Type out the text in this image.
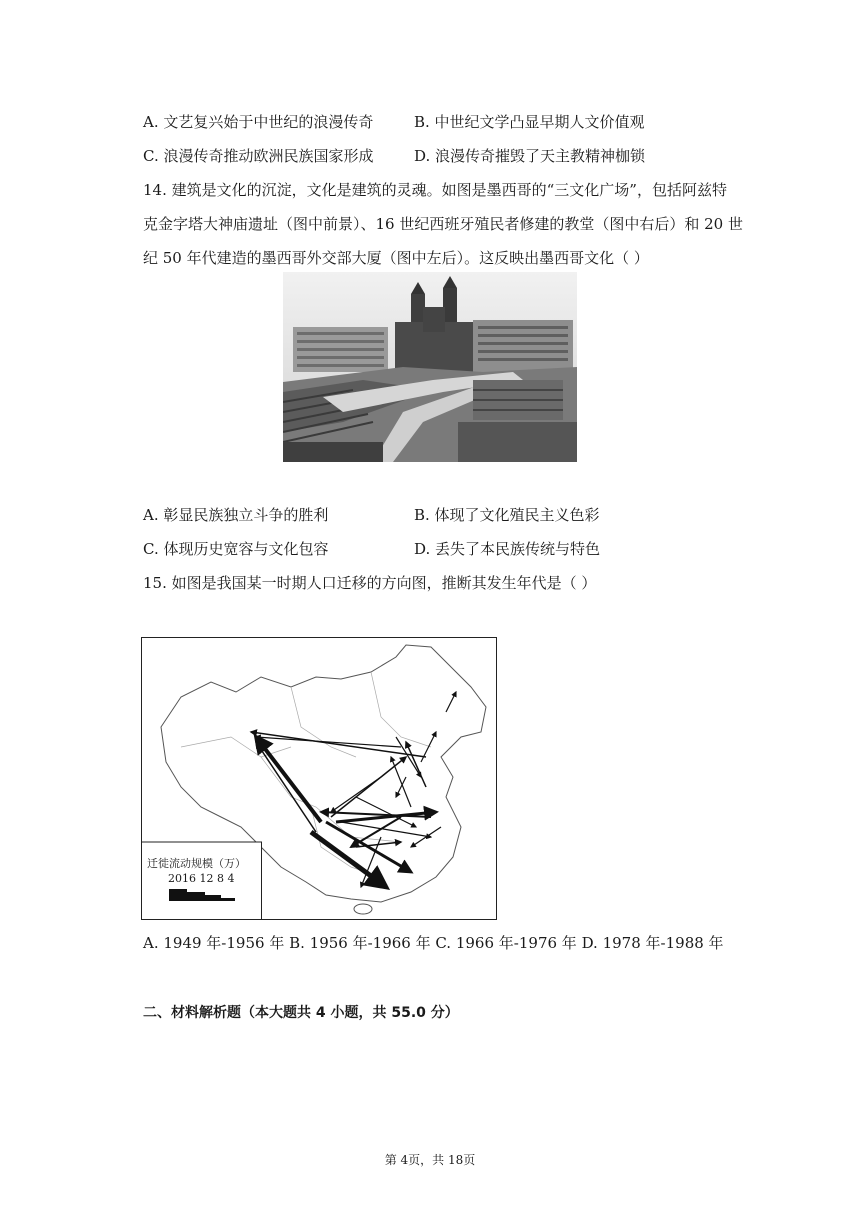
A. 文艺复兴始于中世纪的浪漫传奇	B. 中世纪文学凸显早期人文价值观
C. 浪漫传奇推动欧洲民族国家形成	D. 浪漫传奇摧毁了天主教精神枷锁
14. 建筑是文化的沉淀，文化是建筑的灵魂。如图是墨西哥的“三文化广场”，包括阿兹特
克金字塔大神庙遗址（图中前景）、16 世纪西班牙殖民者修建的教堂（图中右后）和 20 世
纪 50 年代建造的墨西哥外交部大厦（图中左后）。这反映出墨西哥文化（ ）
A. 彰显民族独立斗争的胜利	B. 体现了文化殖民主义色彩
C. 体现历史宽容与文化包容	D. 丢失了本民族传统与特色
15. 如图是我国某一时期人口迁移的方向图，推断其发生年代是（ ）
迁徙流动规模（万）
2016 12 8 4
A. 1949 年-1956 年 B. 1956 年-1966 年 C. 1966 年-1976 年 D. 1978 年-1988 年
二、材料解析题（本大题共 4 小题，共 55.0 分）
第 4页，共 18页
